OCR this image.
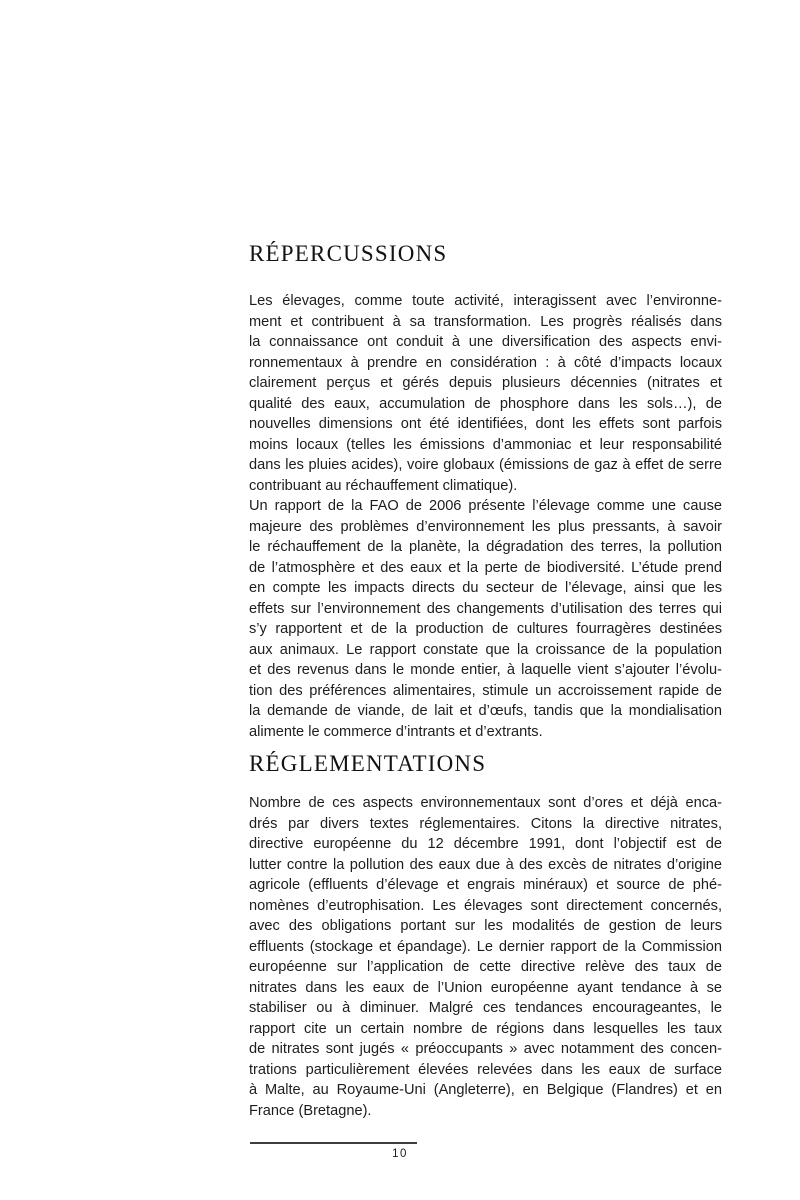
RÉPERCUSSIONS
Les élevages, comme toute activité, interagissent avec l’environne-
ment et contribuent à sa transformation. Les progrès réalisés dans
la connaissance ont conduit à une diversification des aspects envi-
ronnementaux à prendre en considération : à côté d’impacts locaux
clairement perçus et gérés depuis plusieurs décennies (nitrates et
qualité des eaux, accumulation de phosphore dans les sols…), de
nouvelles dimensions ont été identifiées, dont les effets sont parfois
moins locaux (telles les émissions d’ammoniac et leur responsabilité
dans les pluies acides), voire globaux (émissions de gaz à effet de serre
contribuant au réchauffement climatique).
Un rapport de la FAO de 2006 présente l’élevage comme une cause
majeure des problèmes d’environnement les plus pressants, à savoir
le réchauffement de la planète, la dégradation des terres, la pollution
de l’atmosphère et des eaux et la perte de biodiversité. L’étude prend
en compte les impacts directs du secteur de l’élevage, ainsi que les
effets sur l’environnement des changements d’utilisation des terres qui
s’y rapportent et de la production de cultures fourragères destinées
aux animaux. Le rapport constate que la croissance de la population
et des revenus dans le monde entier, à laquelle vient s’ajouter l’évolu-
tion des préférences alimentaires, stimule un accroissement rapide de
la demande de viande, de lait et d’œufs, tandis que la mondialisation
alimente le commerce d’intrants et d’extrants.
RÉGLEMENTATIONS
Nombre de ces aspects environnementaux sont d’ores et déjà enca-
drés par divers textes réglementaires. Citons la directive nitrates,
directive européenne du 12 décembre 1991, dont l’objectif est de
lutter contre la pollution des eaux due à des excès de nitrates d’origine
agricole (effluents d’élevage et engrais minéraux) et source de phé-
nomènes d’eutrophisation. Les élevages sont directement concernés,
avec des obligations portant sur les modalités de gestion de leurs
effluents (stockage et épandage). Le dernier rapport de la Commission
européenne sur l’application de cette directive relève des taux de
nitrates dans les eaux de l’Union européenne ayant tendance à se
stabiliser ou à diminuer. Malgré ces tendances encourageantes, le
rapport cite un certain nombre de régions dans lesquelles les taux
de nitrates sont jugés « préoccupants » avec notamment des concen-
trations particulièrement élevées relevées dans les eaux de surface
à Malte, au Royaume-Uni (Angleterre), en Belgique (Flandres) et en
France (Bretagne).
10
